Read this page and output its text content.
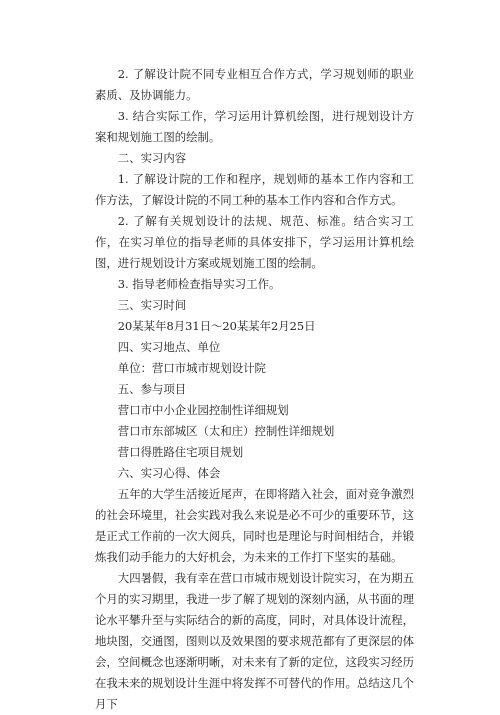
2. 了解设计院不同专业相互合作方式，学习规划师的职业素质、及协调能力。

3. 结合实际工作，学习运用计算机绘图，进行规划设计方案和规划施工图的绘制。

二、实习内容

1. 了解设计院的工作和程序，规划师的基本工作内容和工作方法，了解设计院的不同工种的基本工作内容和合作方式。

2. 了解有关规划设计的法规、规范、标准。结合实习工作，在实习单位的指导老师的具体安排下，学习运用计算机绘图，进行规划设计方案或规划施工图的绘制。

3. 指导老师检查指导实习工作。

三、实习时间

20某某年8月31日～20某某年2月25日

四、实习地点、单位

单位：营口市城市规划设计院

五、参与项目

营口市中小企业园控制性详细规划

营口市东部城区（太和庄）控制性详细规划

营口得胜路住宅项目规划

六、实习心得、体会

五年的大学生活接近尾声，在即将踏入社会，面对竞争激烈的社会环境里，社会实践对我么来说是必不可少的重要环节，这是正式工作前的一次大阅兵，同时也是理论与时间相结合，并锻炼我们动手能力的大好机会，为未来的工作打下坚实的基础。

大四暑假，我有幸在营口市城市规划设计院实习，在为期五个月的实习期里，我进一步了解了规划的深刻内涵，从书面的理论水平攀升至与实际结合的新的高度，同时，对具体设计流程，地块图，交通图，图则以及效果图的要求规范都有了更深层的体会，空间概念也逐渐明晰，对未来有了新的定位，这段实习经历在我未来的规划设计生涯中将发挥不可替代的作用。总结这几个月下
